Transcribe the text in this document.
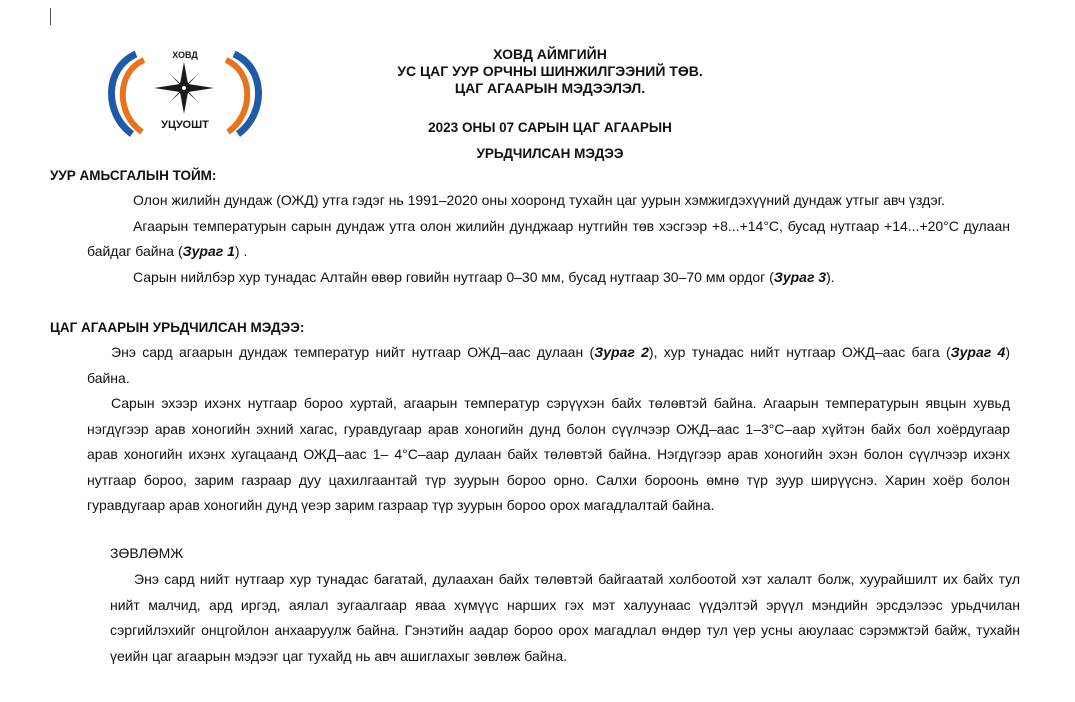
ХОВД
УЦУОШТ
ХОВД АЙМГИЙН
УС ЦАГ УУР ОРЧНЫ ШИНЖИЛГЭЭНИЙ ТӨВ.
ЦАГ АГААРЫН МЭДЭЭЛЭЛ.
2023 ОНЫ 07 САРЫН ЦАГ АГААРЫН
УРЬДЧИЛСАН МЭДЭЭ
УУР АМЬСГАЛЫН ТОЙМ:
Олон жилийн дундаж (ОЖД) утга гэдэг нь 1991–2020 оны хооронд тухайн цаг уурын хэмжигдэхүүний дундаж утгыг авч үздэг.
Агаарын температурын сарын дундаж утга олон жилийн дунджаар нутгийн төв хэсгээр +8...+14°С, бусад нутгаар +14...+20°С дулаан байдаг байна (Зураг 1) .
Сарын нийлбэр хур тунадас Алтайн өвөр говийн нутгаар 0–30 мм, бусад нутгаар 30–70 мм ордог (Зураг 3).
ЦАГ АГААРЫН УРЬДЧИЛСАН МЭДЭЭ:
Энэ сард агаарын дундаж температур нийт нутгаар ОЖД–аас дулаан (Зураг 2), хур тунадас нийт нутгаар ОЖД–аас бага (Зураг 4) байна.
Сарын эхээр ихэнх нутгаар бороо хуртай, агаарын температур сэрүүхэн байх төлөвтэй байна. Агаарын температурын явцын хувьд нэгдүгээр арав хоногийн эхний хагас, гуравдугаар арав хоногийн дунд болон сүүлчээр ОЖД–аас 1–3°С–аар хүйтэн байх бол хоёрдугаар арав хоногийн ихэнх хугацаанд ОЖД–аас 1– 4°С–аар дулаан байх төлөвтэй байна. Нэгдүгээр арав хоногийн эхэн болон сүүлчээр ихэнх нутгаар бороо, зарим газраар дуу цахилгаантай түр зуурын бороо орно. Салхи бороонь өмнө түр зуур ширүүснэ. Харин хоёр болон гуравдугаар арав хоногийн дунд үеэр зарим газраар түр зуурын бороо орох магадлалтай байна.
ЗӨВЛӨМЖ
Энэ сард нийт нутгаар хур тунадас багатай, дулаахан байх төлөвтэй байгаатай холбоотой хэт халалт болж, хуурайшилт их байх тул нийт малчид, ард иргэд, аялал зугаалгаар яваа хүмүүс нарших гэх мэт халуунаас үүдэлтэй эрүүл мэндийн эрсдэлээс урьдчилан сэргийлэхийг онцгойлон анхааруулж байна. Гэнэтийн аадар бороо орох магадлал өндөр тул үер усны аюулаас сэрэмжтэй байж, тухайн үеийн цаг агаарын мэдээг цаг тухайд нь авч ашиглахыг зөвлөж байна.
